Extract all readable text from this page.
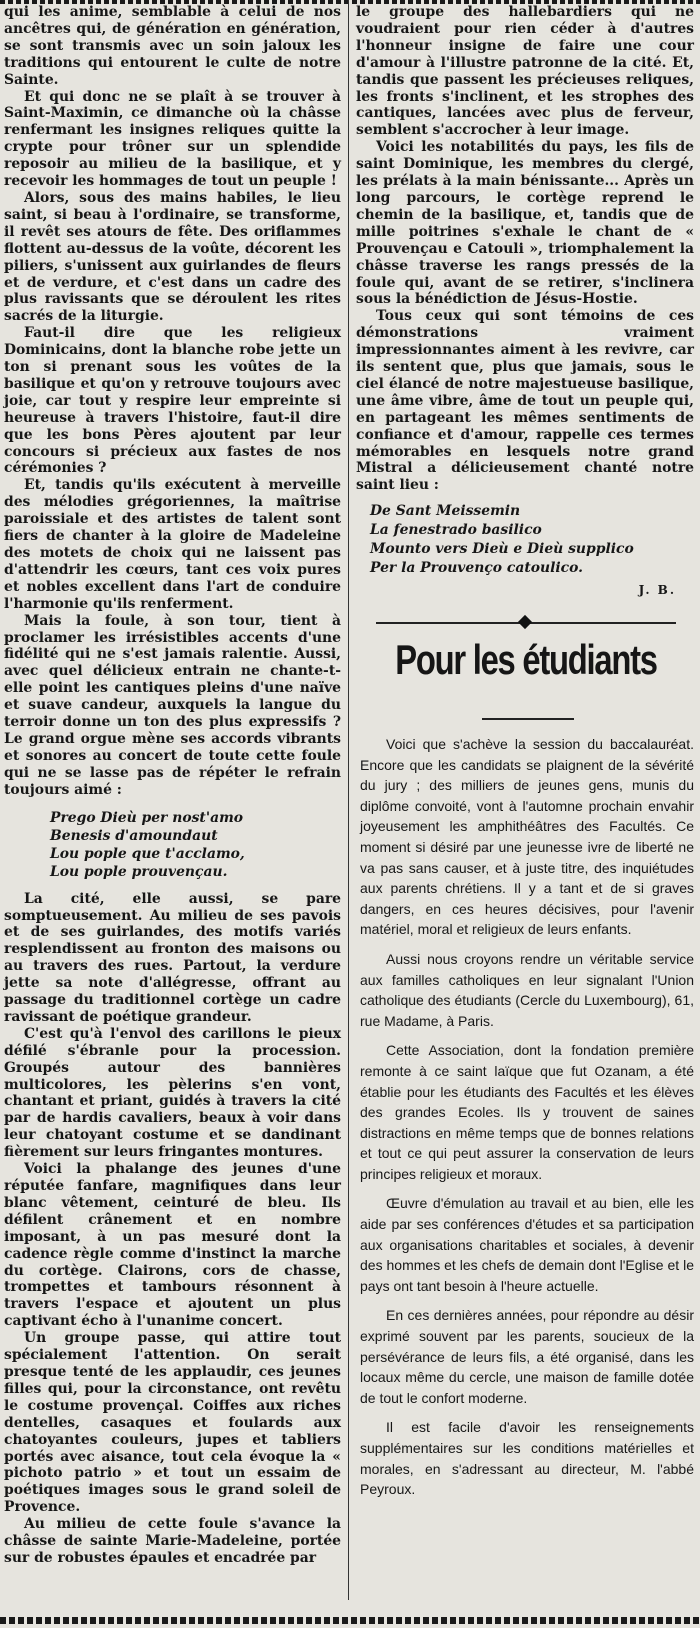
qui les anime, semblable à celui de nos ancêtres qui, de génération en génération, se sont transmis avec un soin jaloux les traditions qui entourent le culte de notre Sainte.

Et qui donc ne se plaît à se trouver à Saint-Maximin, ce dimanche où la châsse renfermant les insignes reliques quitte la crypte pour trôner sur un splendide reposoir au milieu de la basilique, et y recevoir les hommages de tout un peuple !

Alors, sous des mains habiles, le lieu saint, si beau à l'ordinaire, se transforme, il revêt ses atours de fête. Des oriflammes flottent au-dessus de la voûte, décorent les piliers, s'unissent aux guirlandes de fleurs et de verdure, et c'est dans un cadre des plus ravissants que se déroulent les rites sacrés de la liturgie.

Faut-il dire que les religieux Dominicains, dont la blanche robe jette un ton si prenant sous les voûtes de la basilique et qu'on y retrouve toujours avec joie, car tout y respire leur empreinte si heureuse à travers l'histoire, faut-il dire que les bons Pères ajoutent par leur concours si précieux aux fastes de nos cérémonies ?

Et, tandis qu'ils exécutent à merveille des mélodies grégoriennes, la maîtrise paroissiale et des artistes de talent sont fiers de chanter à la gloire de Madeleine des motets de choix qui ne laissent pas d'attendrir les cœurs, tant ces voix pures et nobles excellent dans l'art de conduire l'harmonie qu'ils renferment.

Mais la foule, à son tour, tient à proclamer les irrésistibles accents d'une fidélité qui ne s'est jamais ralentie. Aussi, avec quel délicieux entrain ne chante-t-elle point les cantiques pleins d'une naïve et suave candeur, auxquels la langue du terroir donne un ton des plus expressifs ? Le grand orgue mène ses accords vibrants et sonores au concert de toute cette foule qui ne se lasse pas de répéter le refrain toujours aimé :

Prego Dieù per nost'amo
Benesis d'amoundaut
Lou pople que t'acclamo,
Lou pople prouvençau.

La cité, elle aussi, se pare somptueusement. Au milieu de ses pavois et de ses guirlandes, des motifs variés resplendissent au fronton des maisons ou au travers des rues. Partout, la verdure jette sa note d'allégresse, offrant au passage du traditionnel cortège un cadre ravissant de poétique grandeur.

C'est qu'à l'envol des carillons le pieux défilé s'ébranle pour la procession. Groupés autour des bannières multicolores, les pèlerins s'en vont, chantant et priant, guidés à travers la cité par de hardis cavaliers, beaux à voir dans leur chatoyant costume et se dandinant fièrement sur leurs fringantes montures.

Voici la phalange des jeunes d'une réputée fanfare, magnifiques dans leur blanc vêtement, ceinturé de bleu. Ils défilent crânement et en nombre imposant, à un pas mesuré dont la cadence règle comme d'instinct la marche du cortège. Clairons, cors de chasse, trompettes et tambours résonnent à travers l'espace et ajoutent un plus captivant écho à l'unanime concert.

Un groupe passe, qui attire tout spécialement l'attention. On serait presque tenté de les applaudir, ces jeunes filles qui, pour la circonstance, ont revêtu le costume provençal. Coiffes aux riches dentelles, casaques et foulards aux chatoyantes couleurs, jupes et tabliers portés avec aisance, tout cela évoque la « pichoto patrio » et tout un essaim de poétiques images sous le grand soleil de Provence.

Au milieu de cette foule s'avance la châsse de sainte Marie-Madeleine, portée sur de robustes épaules et encadrée par

le groupe des hallebardiers qui ne voudraient pour rien céder à d'autres l'honneur insigne de faire une cour d'amour à l'illustre patronne de la cité. Et, tandis que passent les précieuses reliques, les fronts s'inclinent, et les strophes des cantiques, lancées avec plus de ferveur, semblent s'accrocher à leur image.

Voici les notabilités du pays, les fils de saint Dominique, les membres du clergé, les prélats à la main bénissante... Après un long parcours, le cortège reprend le chemin de la basilique, et, tandis que de mille poitrines s'exhale le chant de « Prouvençau e Catouli », triomphalement la châsse traverse les rangs pressés de la foule qui, avant de se retirer, s'inclinera sous la bénédiction de Jésus-Hostie.

Tous ceux qui sont témoins de ces démonstrations vraiment impressionnantes aiment à les revivre, car ils sentent que, plus que jamais, sous le ciel élancé de notre majestueuse basilique, une âme vibre, âme de tout un peuple qui, en partageant les mêmes sentiments de confiance et d'amour, rappelle ces termes mémorables en lesquels notre grand Mistral a délicieusement chanté notre saint lieu :

De Sant Meissemin
La fenestrado basilico
Mounto vers Dieù e Dieù supplico
Per la Prouvenço catoulico.
J. B.
Pour les étudiants

Voici que s'achève la session du baccalauréat. Encore que les candidats se plaignent de la sévérité du jury ; des milliers de jeunes gens, munis du diplôme convoité, vont à l'automne prochain envahir joyeusement les amphithéâtres des Facultés. Ce moment si désiré par une jeunesse ivre de liberté ne va pas sans causer, et à juste titre, des inquiétudes aux parents chrétiens. Il y a tant et de si graves dangers, en ces heures décisives, pour l'avenir matériel, moral et religieux de leurs enfants.

Aussi nous croyons rendre un véritable service aux familles catholiques en leur signalant l'Union catholique des étudiants (Cercle du Luxembourg), 61, rue Madame, à Paris.

Cette Association, dont la fondation première remonte à ce saint laïque que fut Ozanam, a été établie pour les étudiants des Facultés et les élèves des grandes Ecoles. Ils y trouvent de saines distractions en même temps que de bonnes relations et tout ce qui peut assurer la conservation de leurs principes religieux et moraux.

Œuvre d'émulation au travail et au bien, elle les aide par ses conférences d'études et sa participation aux organisations charitables et sociales, à devenir des hommes et les chefs de demain dont l'Eglise et le pays ont tant besoin à l'heure actuelle.

En ces dernières années, pour répondre au désir exprimé souvent par les parents, soucieux de la persévérance de leurs fils, a été organisé, dans les locaux même du cercle, une maison de famille dotée de tout le confort moderne.

Il est facile d'avoir les renseignements supplémentaires sur les conditions matérielles et morales, en s'adressant au directeur, M. l'abbé Peyroux.
